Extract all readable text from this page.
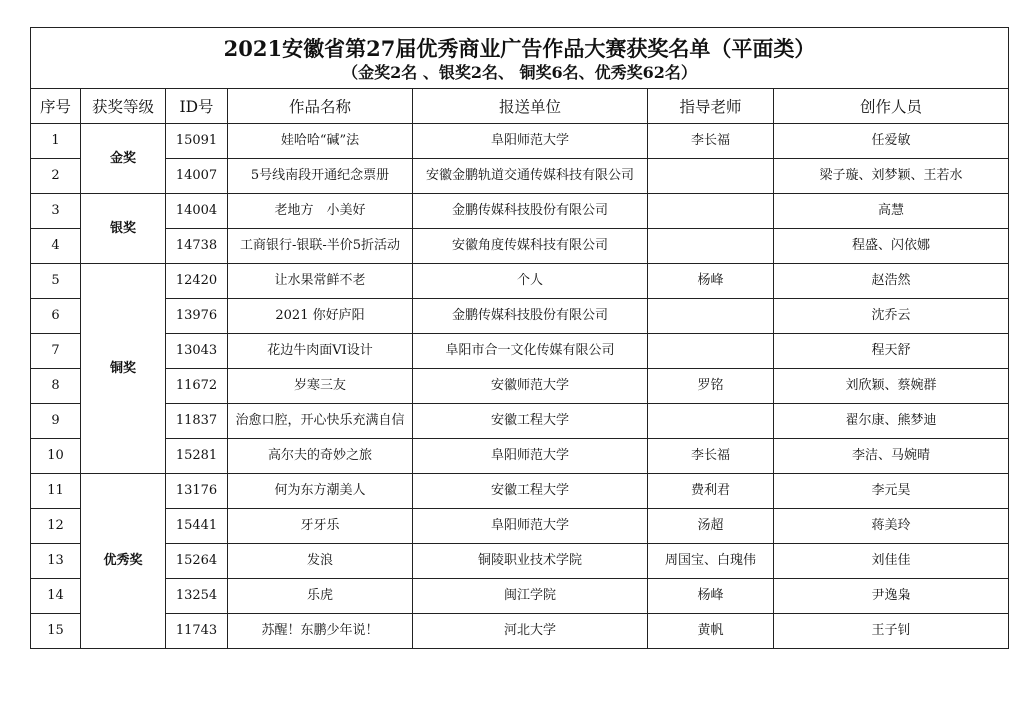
2021安徽省第27届优秀商业广告作品大赛获奖名单（平面类）
（金奖2名 、银奖2名、 铜奖6名、优秀奖62名）						

序号	获奖等级	ID号	作品名称	报送单位	指导老师	创作人员
1	金奖	15091	娃哈哈“碱”法	阜阳师范大学	李长福	任爱敏
2		14007	5号线南段开通纪念票册	安徽金鹏轨道交通传媒科技有限公司		梁子璇、刘梦颖、王若水
3	银奖	14004	老地方　小美好	金鹏传媒科技股份有限公司		高慧
4		14738	工商银行-银联-半价5折活动	安徽角度传媒科技有限公司		程盛、闪依娜
5	铜奖	12420	让水果常鲜不老	个人	杨峰	赵浩然
6		13976	2021 你好庐阳	金鹏传媒科技股份有限公司		沈乔云
7		13043	花边牛肉面VI设计	阜阳市合一文化传媒有限公司		程天舒
8		11672	岁寒三友	安徽师范大学	罗铭	刘欣颖、蔡婉群
9		11837	治愈口腔，开心快乐充满自信	安徽工程大学		翟尔康、熊梦迪
10		15281	高尔夫的奇妙之旅	阜阳师范大学	李长福	李洁、马婉晴
11	优秀奖	13176	何为东方潮美人	安徽工程大学	费利君	李元昊
12		15441	牙牙乐	阜阳师范大学	汤超	蒋美玲
13		15264	发浪	铜陵职业技术学院	周国宝、白瑰伟	刘佳佳
14		13254	乐虎	闽江学院	杨峰	尹逸枭
15		11743	苏醒！东鹏少年说！	河北大学	黄帆	王子钊
